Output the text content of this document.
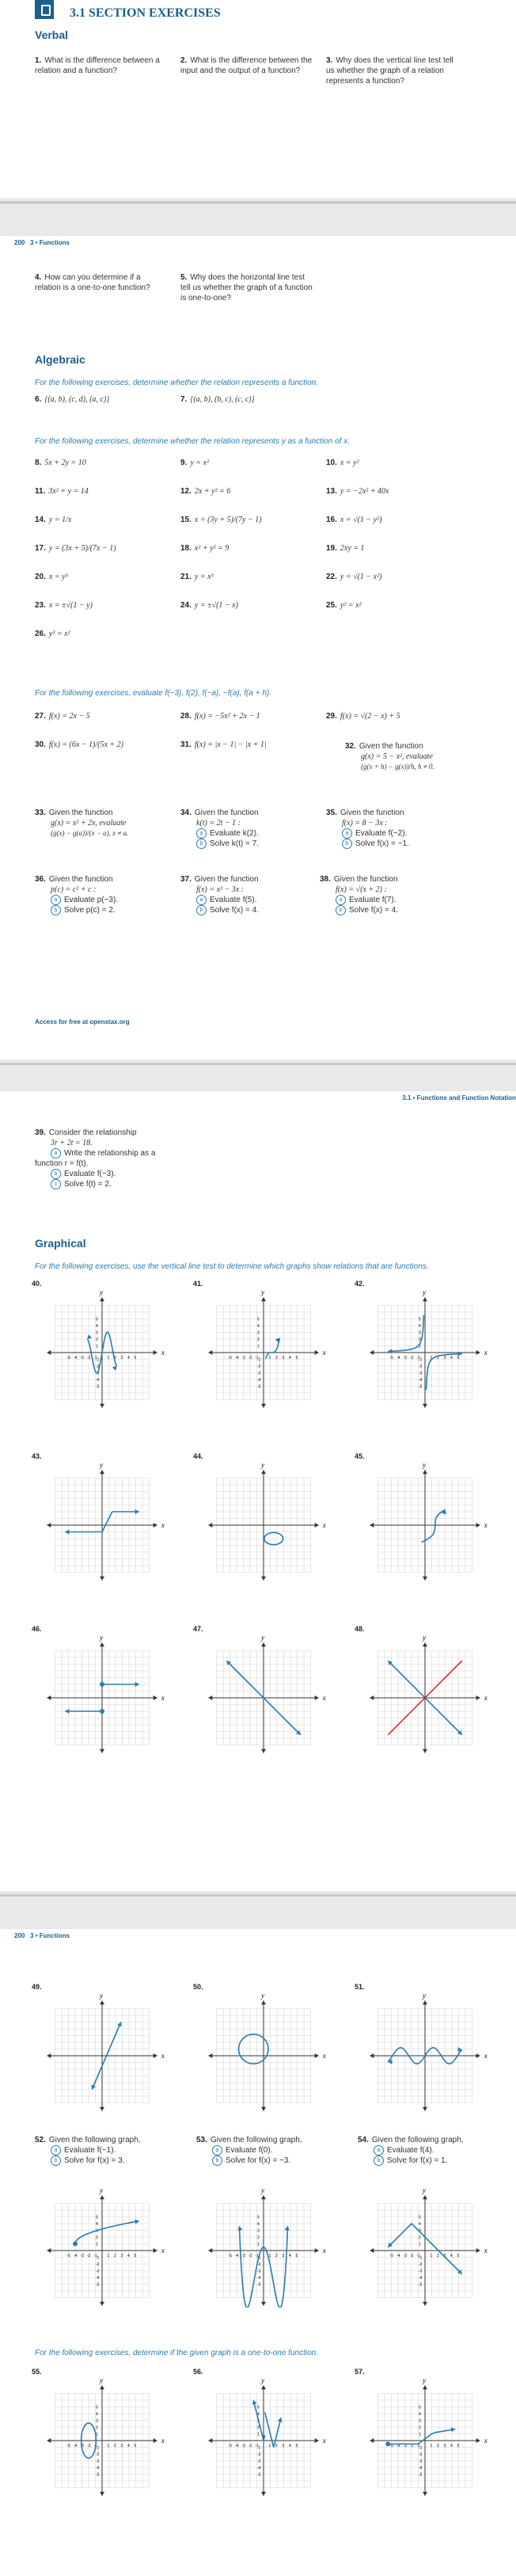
3.1 SECTION EXERCISES
Verbal
1. What is the difference between a relation and a function?
2. What is the difference between the input and the output of a function?
3. Why does the vertical line test tell us whether the graph of a relation represents a function?
200 3 • Functions
4. How can you determine if a relation is a one-to-one function?
5. Why does the horizontal line test tell us whether the graph of a function is one-to-one?
Algebraic
For the following exercises, determine whether the relation represents a function.
6. {(a, b), (c, d), (a, c)}	7. {(a, b), (b, c), (c, c)}
For the following exercises, determine whether the relation represents y as a function of x.
8. 5x + 2y = 10	9. y = x²	10. x = y²
11. 3x² + y = 14	12. 2x + y² = 6	13. y = −2x² + 40x
14. y = 1/x	15. x = (3y + 5)/(7y − 1)	16. x = √(1 − y²)
17. y = (3x + 5)/(7x − 1)	18. x² + y² = 9	19. 2xy = 1
20. x = y³	21. y = x³	22. y = √(1 − x²)
23. x = ±√(1 − y)	24. y = ±√(1 − x)	25. y² = x²
26. y³ = x²
For the following exercises, evaluate f(−3), f(2), f(−a), −f(a), f(a + h).
27. f(x) = 2x − 5	28. f(x) = −5x² + 2x − 1	29. f(x) = √(2 − x) + 5
30. f(x) = (6x − 1)/(5x + 2)	31. f(x) = |x − 1| − |x + 1|	32. Given the function
g(x) = 5 − x², evaluate
(g(x + h) − g(x))/h, h ≠ 0.
33. Given the function
g(x) = x² + 2x, evaluate
(g(x) − g(a))/(x − a), x ≠ a.
34. Given the function
k(t) = 2t − 1 :
a Evaluate k(2).
b Solve k(t) = 7.
35. Given the function
f(x) = 8 − 3x :
a Evaluate f(−2).
b Solve f(x) = −1.
36. Given the function
p(c) = c² + c :
a Evaluate p(−3).
b Solve p(c) = 2.
37. Given the function
f(x) = x² − 3x :
a Evaluate f(5).
b Solve f(x) = 4.
38. Given the function
f(x) = √(x + 2) :
a Evaluate f(7).
b Solve f(x) = 4.
Access for free at openstax.org
3.1 • Functions and Function Notation
39. Consider the relationship
3r + 2t = 18.
a Write the relationship as a function r = f(t).
b Evaluate f(−3).
c Solve f(t) = 2.
Graphical
For the following exercises, use the vertical line test to determine which graphs show relations that are functions.
40.
x
y
-5
-5
-4
-4
-3
-3
-2
-2
-1
-1 1
1
2
2
3
3
4
4
5
5
41.
x
y
-5
-5
-4
-4
-3
-3
-2
-2
-1
-1 1
1
2
2
3
3
4
4
5
5
42.
x
y
-5
-5
-4
-4
-3
-3
-2
-2
-1
-1 1
1
2
2
3
3
4
4
5
5
43.
x
y
44.
x
y
45.
x
y
46.
x
y
47.
x
y
48.
x
y
200 3 • Functions
49.
x
y
50.
x
y
51.
x
y
52. Given the following graph,
a Evaluate f(−1).
b Solve for f(x) = 3.
53. Given the following graph,
a Evaluate f(0).
b Solve for f(x) = −3.
54. Given the following graph,
a Evaluate f(4).
b Solve for f(x) = 1.
x
y
-5
-5
-4
-4
-3
-3
-2
-2
-1
-1 1
1
2
2
3
3
4
4
5
5
x
y
-5
-5
-4
-4
-3
-3
-2
-2
-1
-1 1
1
2
2
3
3
4
4
5
5
x
y
-5
-5
-4
-4
-3
-3
-2
-2
-1
-1 1
1
2
2
3
3
4
4
5
5
For the following exercises, determine if the given graph is a one-to-one function.
55.
x
y
-5
-5
-4
-4
-3
-3
-2
-2
-1
-1 1
1
2
2
3
3
4
4
5
5
56.
x
y
-5
-5
-4
-4
-3
-3
-2
-2
-1
-1 1
1
2
2
3
3
4
4
5
5
57.
x
y
-5
-5
-4
-4
-3
-3
-2
-2
-1
-1 1
1
2
2
3
3
4
4
5
5
